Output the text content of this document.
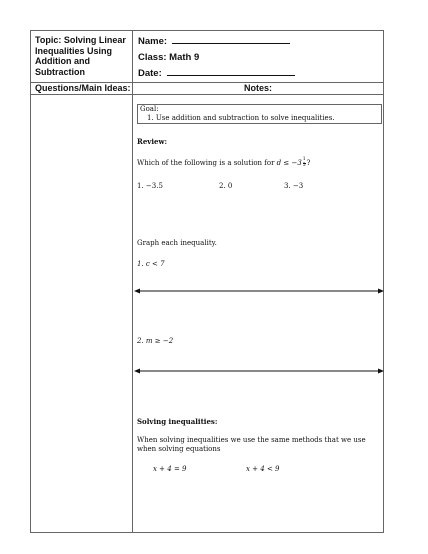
Topic: Solving Linear Inequalities Using Addition and Subtraction
Name:
Class: Math 9
Date:
Questions/Main Ideas:	Notes:
Goal:
1. Use addition and subtraction to solve inequalities.
Review:
Which of the following is a solution for $d \le -3 \frac{1}{5}$ ?
1. −3.5	2. 0	3. −3
Graph each inequality.
1. c < 7
2. m ≥ −2
Solving inequalities:
When solving inequalities we use the same methods that we use
when solving equations
x + 4 = 9	x + 4 < 9
